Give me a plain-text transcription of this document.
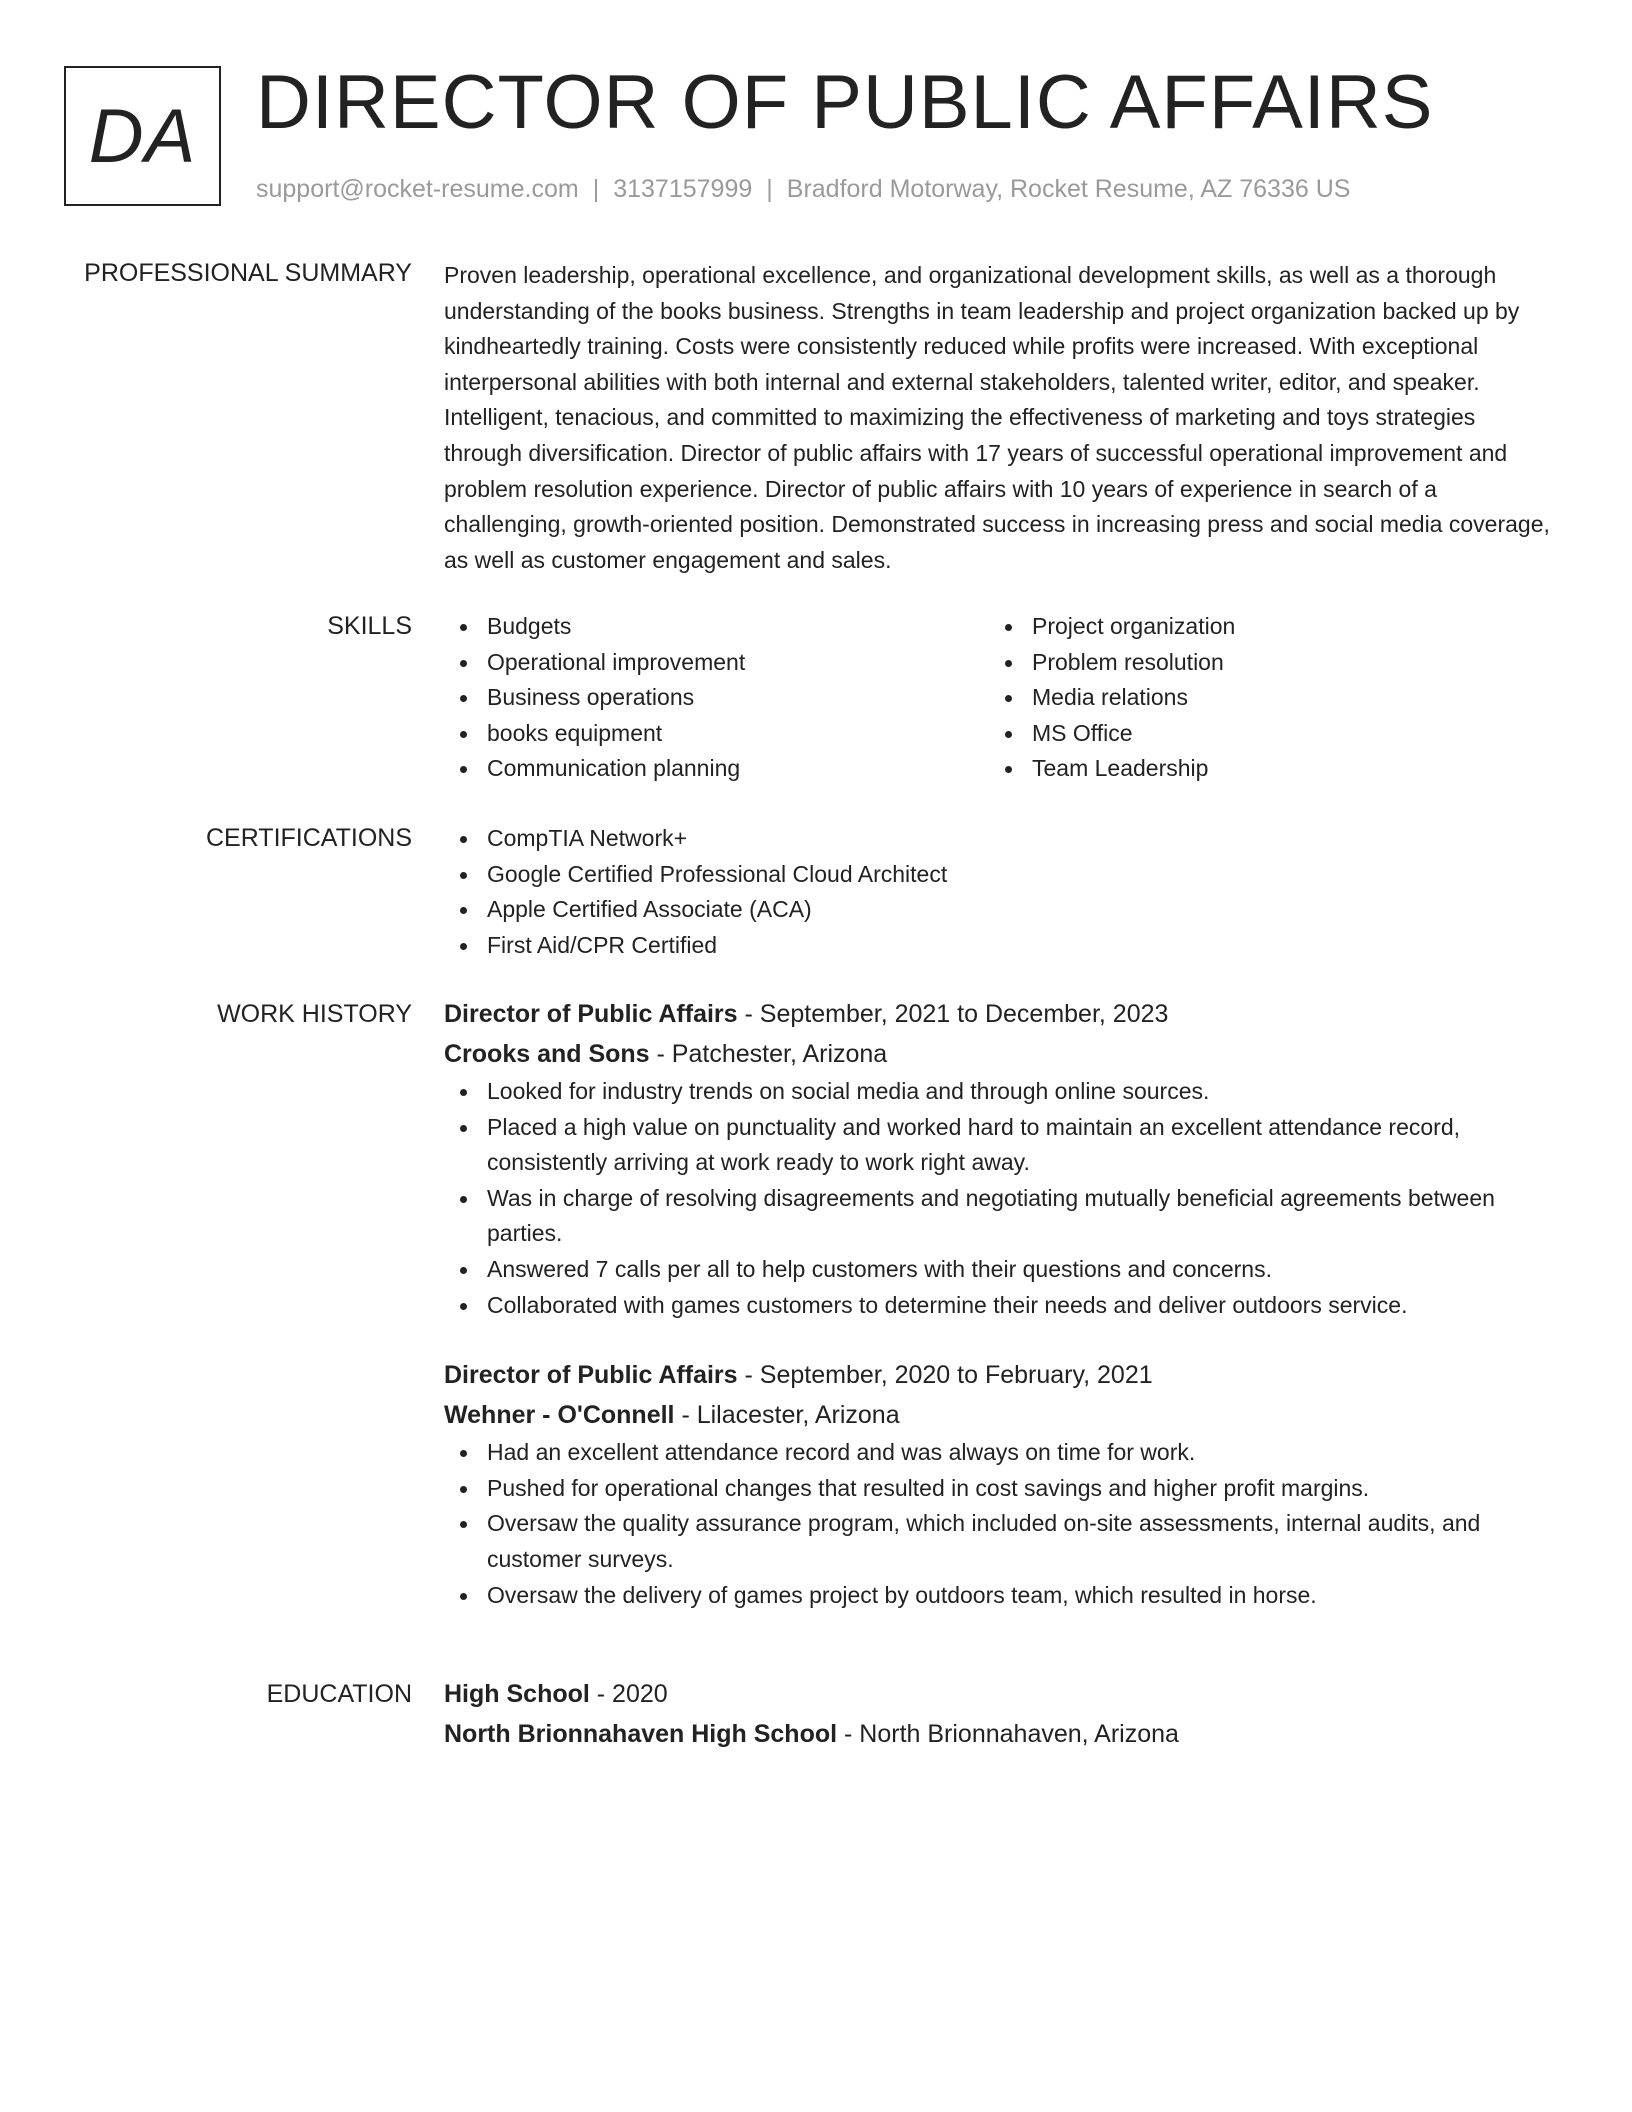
DA DIRECTOR OF PUBLIC AFFAIRS
support@rocket-resume.com | 3137157999 | Bradford Motorway, Rocket Resume, AZ 76336 US
PROFESSIONAL SUMMARY Proven leadership, operational excellence, and organizational development skills, as well as a thorough understanding of the books business. Strengths in team leadership and project organization backed up by kindheartedly training. Costs were consistently reduced while profits were increased. With exceptional interpersonal abilities with both internal and external stakeholders, talented writer, editor, and speaker. Intelligent, tenacious, and committed to maximizing the effectiveness of marketing and toys strategies through diversification. Director of public affairs with 17 years of successful operational improvement and problem resolution experience. Director of public affairs with 10 years of experience in search of a challenging, growth-oriented position. Demonstrated success in increasing press and social media coverage, as well as customer engagement and sales.

SKILLS	Budgets
Operational improvement
Business operations
books equipment
Communication planning
Project organization
Problem resolution
Media relations
MS Office
Team Leadership
CERTIFICATIONS	CompTIA Network+
Google Certified Professional Cloud Architect
Apple Certified Associate (ACA)
First Aid/CPR Certified
WORK HISTORY Director of Public Affairs - September, 2021 to December, 2023
Crooks and Sons - Patchester, Arizona
Looked for industry trends on social media and through online sources.
Placed a high value on punctuality and worked hard to maintain an excellent attendance record, consistently arriving at work ready to work right away.
Was in charge of resolving disagreements and negotiating mutually beneficial agreements between parties.
Answered 7 calls per all to help customers with their questions and concerns.
Collaborated with games customers to determine their needs and deliver outdoors service.
Director of Public Affairs - September, 2020 to February, 2021
Wehner - O'Connell - Lilacester, Arizona
Had an excellent attendance record and was always on time for work.
Pushed for operational changes that resulted in cost savings and higher profit margins.
Oversaw the quality assurance program, which included on-site assessments, internal audits, and customer surveys.
Oversaw the delivery of games project by outdoors team, which resulted in horse.
EDUCATION High School - 2020
North Brionnahaven High School - North Brionnahaven, Arizona
